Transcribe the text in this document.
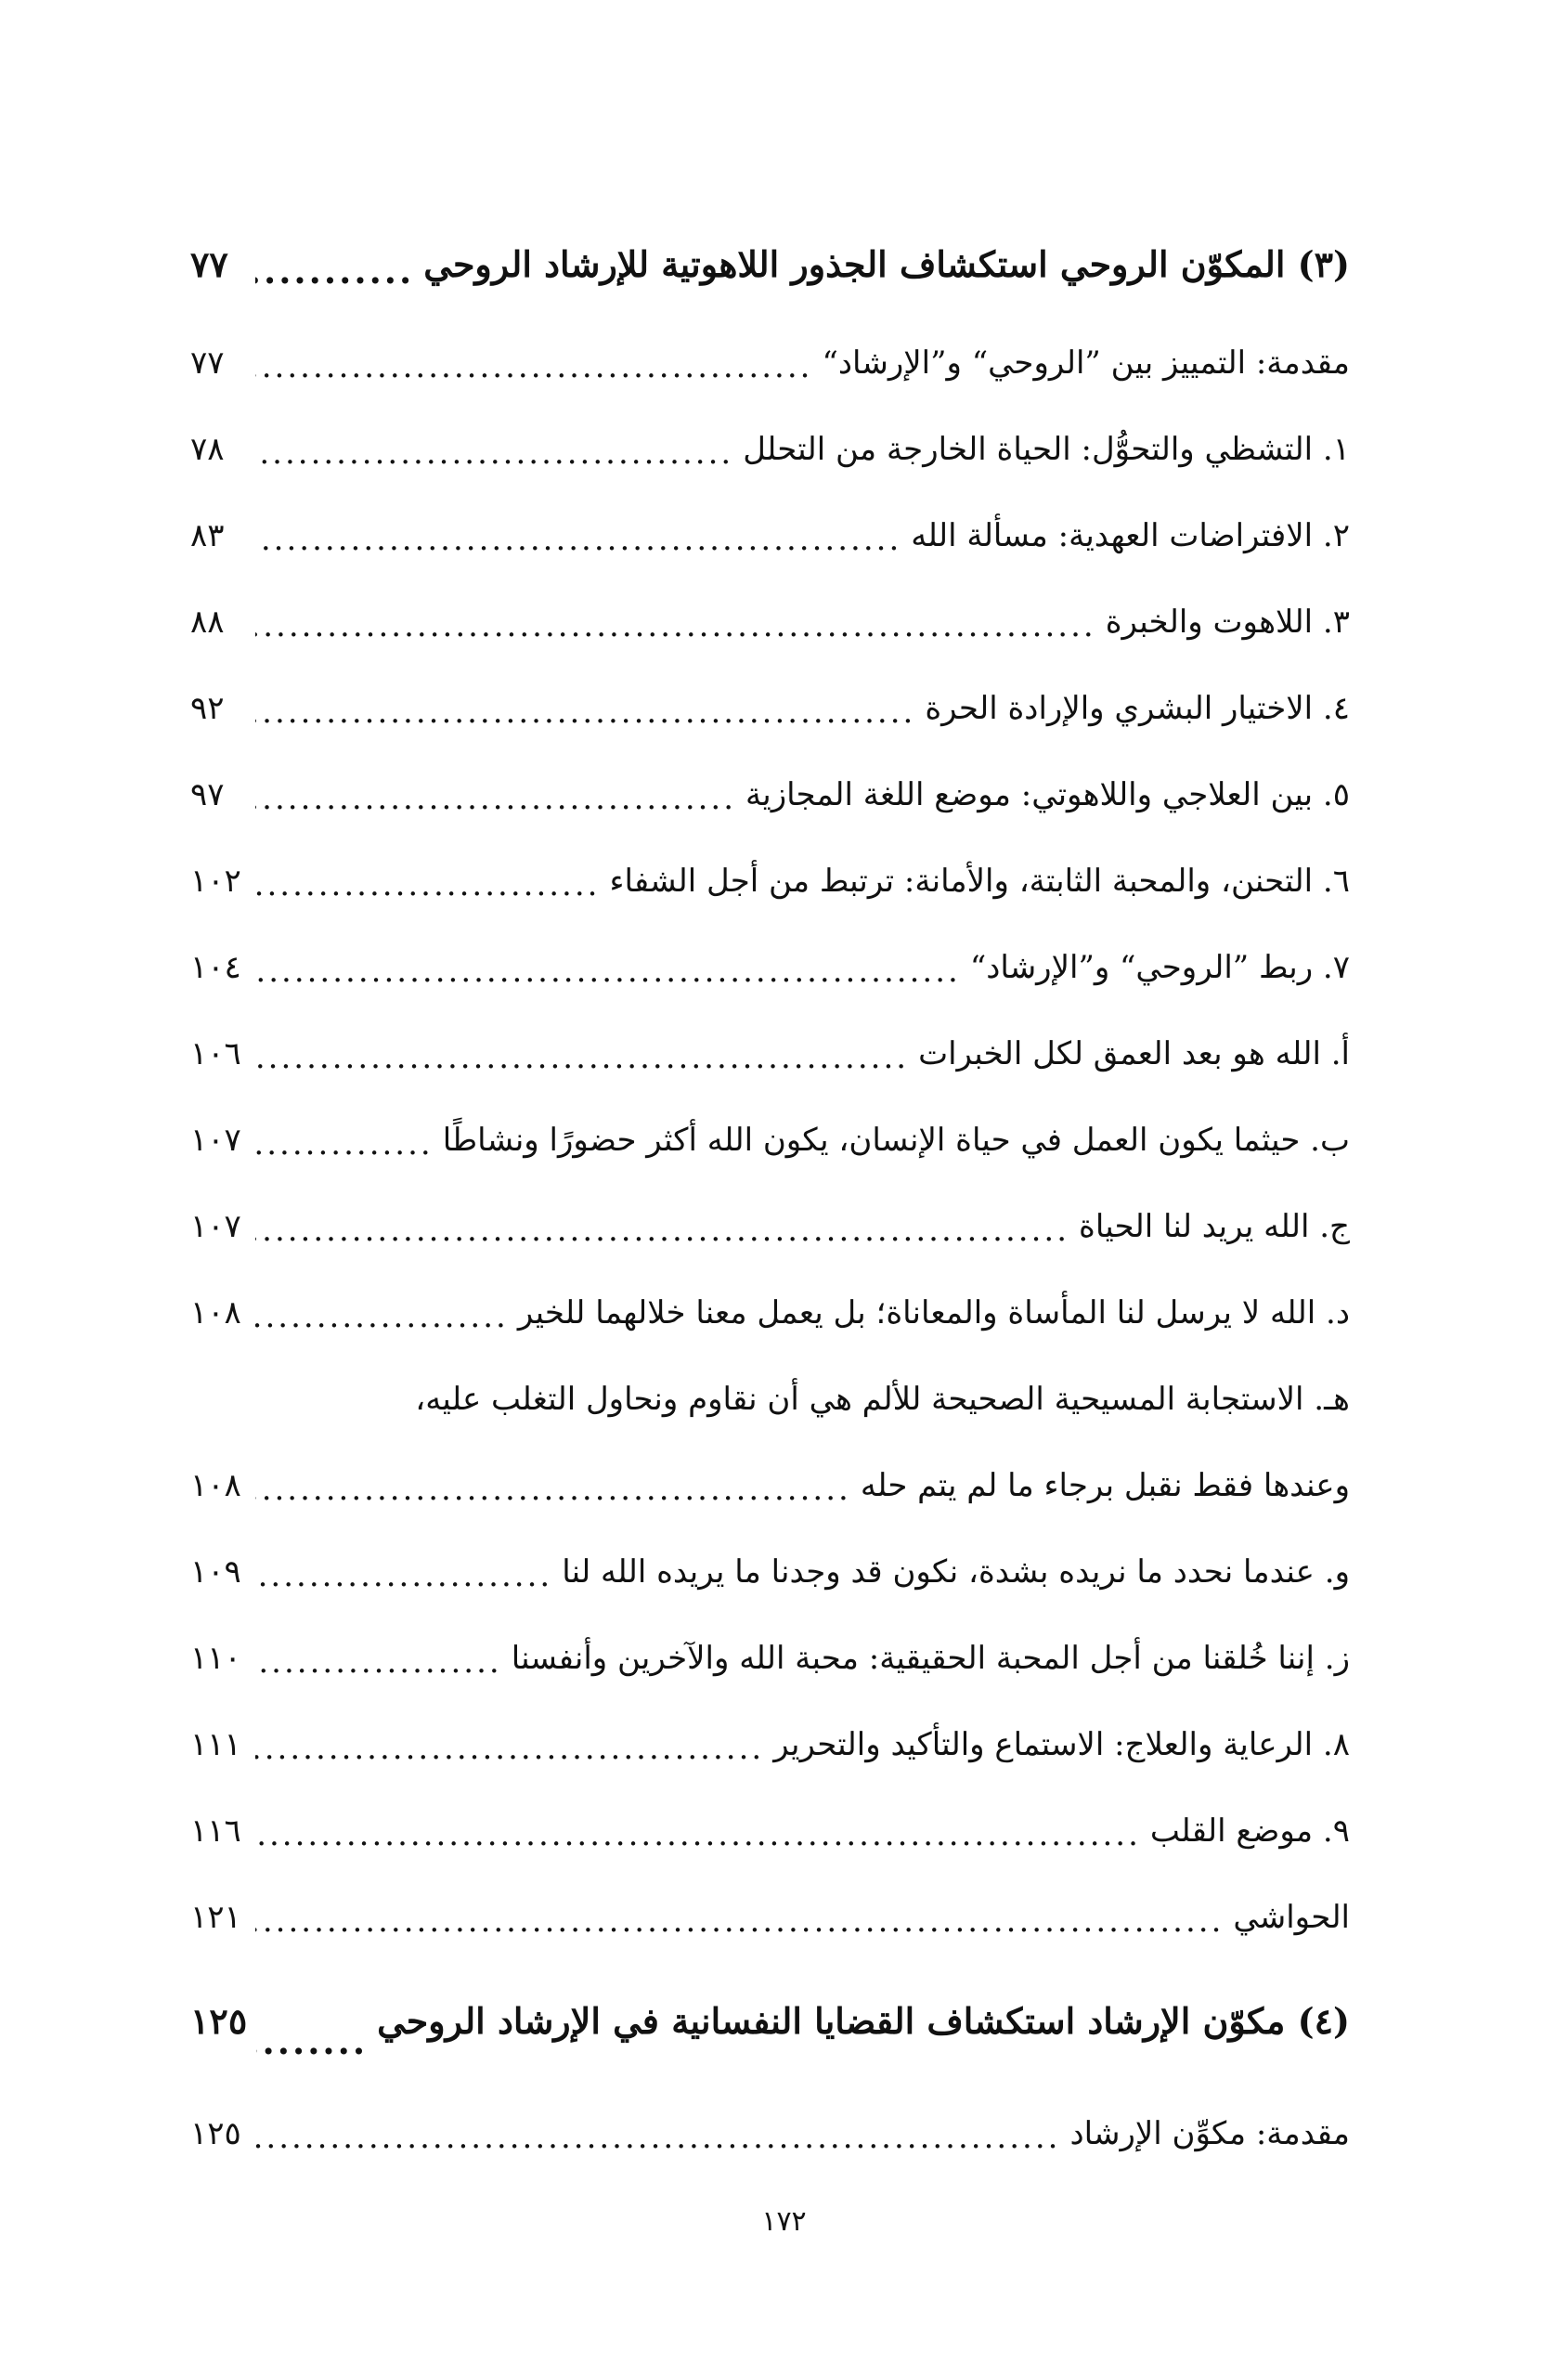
(٣) المكوّن الروحي استكشاف الجذور اللاهوتية للإرشاد الروحي
.....
٧٧
مقدمة: التمييز بين ”الروحي“ و”الإرشاد“
.....
٧٧
١. التشظي والتحوُّل: الحياة الخارجة من التحلل
.....
٧٨
٢. الافتراضات العهدية: مسألة الله
.....
٨٣
٣. اللاهوت والخبرة
.....
٨٨
٤. الاختيار البشري والإرادة الحرة
.....
٩٢
٥. بين العلاجي واللاهوتي: موضع اللغة المجازية
.....
٩٧
٦. التحنن، والمحبة الثابتة، والأمانة: ترتبط من أجل الشفاء
.....
١٠٢
٧. ربط ”الروحي“ و”الإرشاد“
.....
١٠٤
أ. الله هو بعد العمق لكل الخبرات
.....
١٠٦
ب. حيثما يكون العمل في حياة الإنسان، يكون الله أكثر حضورًا ونشاطًا
.....
١٠٧
ج. الله يريد لنا الحياة
.....
١٠٧
د. الله لا يرسل لنا المأساة والمعاناة؛ بل يعمل معنا خلالهما للخير
.....
١٠٨
هـ. الاستجابة المسيحية الصحيحة للألم هي أن نقاوم ونحاول التغلب عليه،
وعندها فقط نقبل برجاء ما لم يتم حله
.....
١٠٨
و. عندما نحدد ما نريده بشدة، نكون قد وجدنا ما يريده الله لنا
.....
١٠٩
ز. إننا خُلقنا من أجل المحبة الحقيقية: محبة الله والآخرين وأنفسنا
.....
١١٠
٨. الرعاية والعلاج: الاستماع والتأكيد والتحرير
.....
١١١
٩. موضع القلب
.....
١١٦
الحواشي
.....
١٢١
(٤) مكوّن الإرشاد استكشاف القضايا النفسانية في الإرشاد الروحي
.....
١٢٥
مقدمة: مكوِّن الإرشاد
.....
١٢٥
١٧٢
